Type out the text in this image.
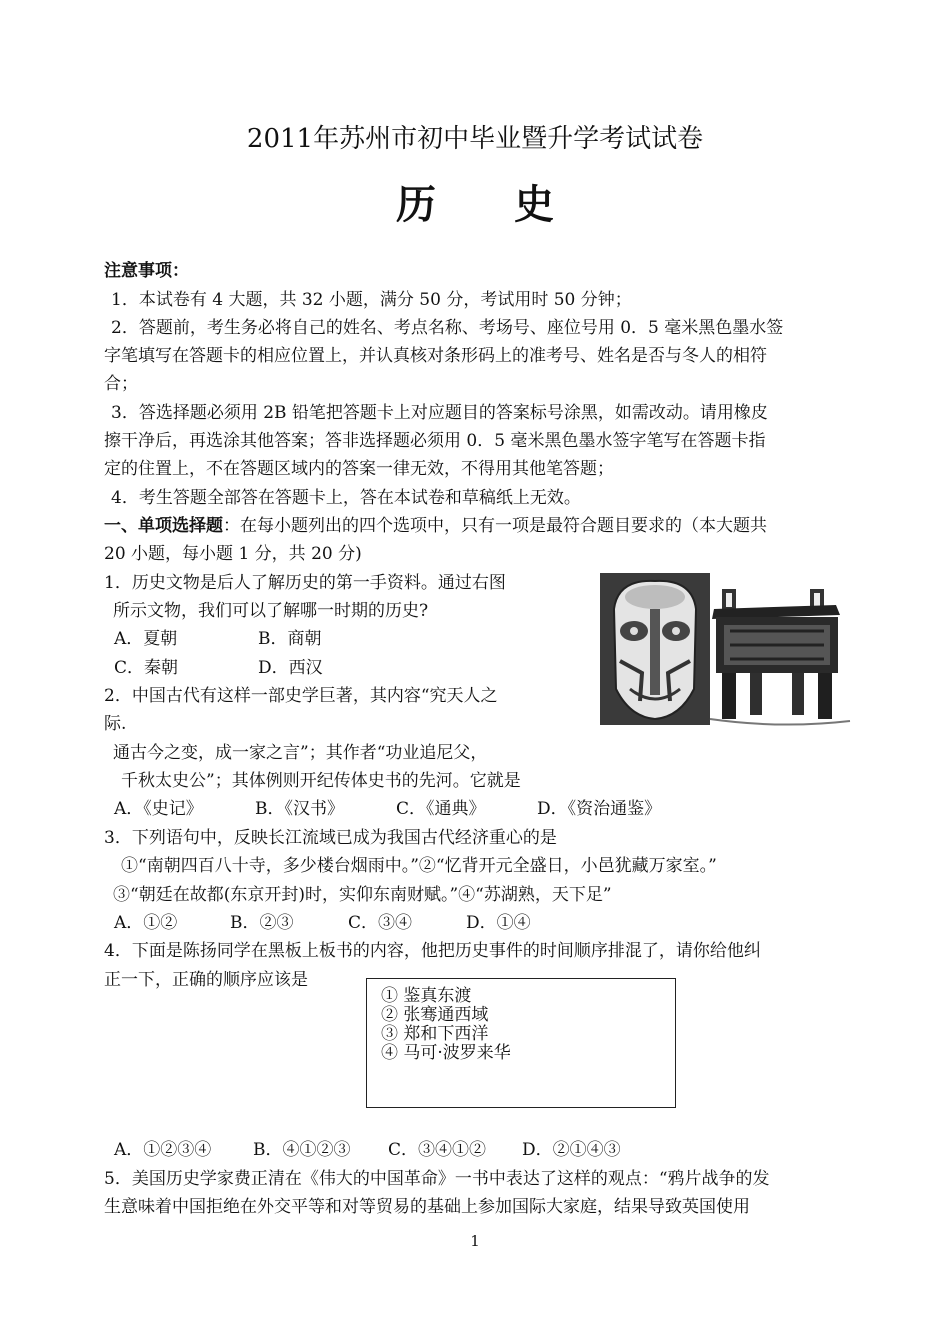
2011年苏州市初中毕业暨升学考试试卷
历 史
注意事项：
1．本试卷有 4 大题，共 32 小题，满分 50 分，考试用时 50 分钟；
2．答题前，考生务必将自己的姓名、考点名称、考场号、座位号用 0．5 毫米黑色墨水签
字笔填写在答题卡的相应位置上，并认真核对条形码上的准考号、姓名是否与冬人的相符
合；
3．答选择题必须用 2B 铅笔把答题卡上对应题目的答案标号涂黑，如需改动。请用橡皮
擦干净后，再选涂其他答案；答非选择题必须用 0．5 毫米黑色墨水签字笔写在答题卡指
定的住置上，不在答题区域内的答案一律无效，不得用其他笔答题；
4．考生答题全部答在答题卡上，答在本试卷和草稿纸上无效。
一、单项选择题：在每小题列出的四个选项中，只有一项是最符合题目要求的（本大题共
20 小题，每小题 1 分，共 20 分)
1．历史文物是后人了解历史的第一手资料。通过右图
所示文物，我们可以了解哪一时期的历史?
A．夏朝	B．商朝
C．秦朝	D．西汉
2．中国古代有这样一部史学巨著，其内容“究天人之
际.
通古今之变，成一家之言”；其作者“功业追尼父，
千秋太史公”；其体例则开纪传体史书的先河。它就是
A．《史记》	B．《汉书》	C．《通典》	D．《资治通鉴》
3．下列语句中，反映长江流域已成为我国古代经济重心的是
①“南朝四百八十寺，多少楼台烟雨中。”②“忆背开元全盛日，小邑犹藏万家室。”
③“朝廷在故都(东京开封)时，实仰东南财赋。”④“苏湖熟，天下足”
A．①②	B．②③	C．③④	D．①④
4．下面是陈扬同学在黑板上板书的内容，他把历史事件的时间顺序排混了，请你给他纠
正一下，正确的顺序应该是
① 鉴真东渡
② 张骞通西域
③ 郑和下西洋
④ 马可·波罗来华
A．①②③④ B．④①②③ C．③④①② D．②①④③
5．美国历史学家费正清在《伟大的中国革命》一书中表达了这样的观点：“鸦片战争的发
生意味着中国拒绝在外交平等和对等贸易的基础上参加国际大家庭，结果导致英国使用
1
